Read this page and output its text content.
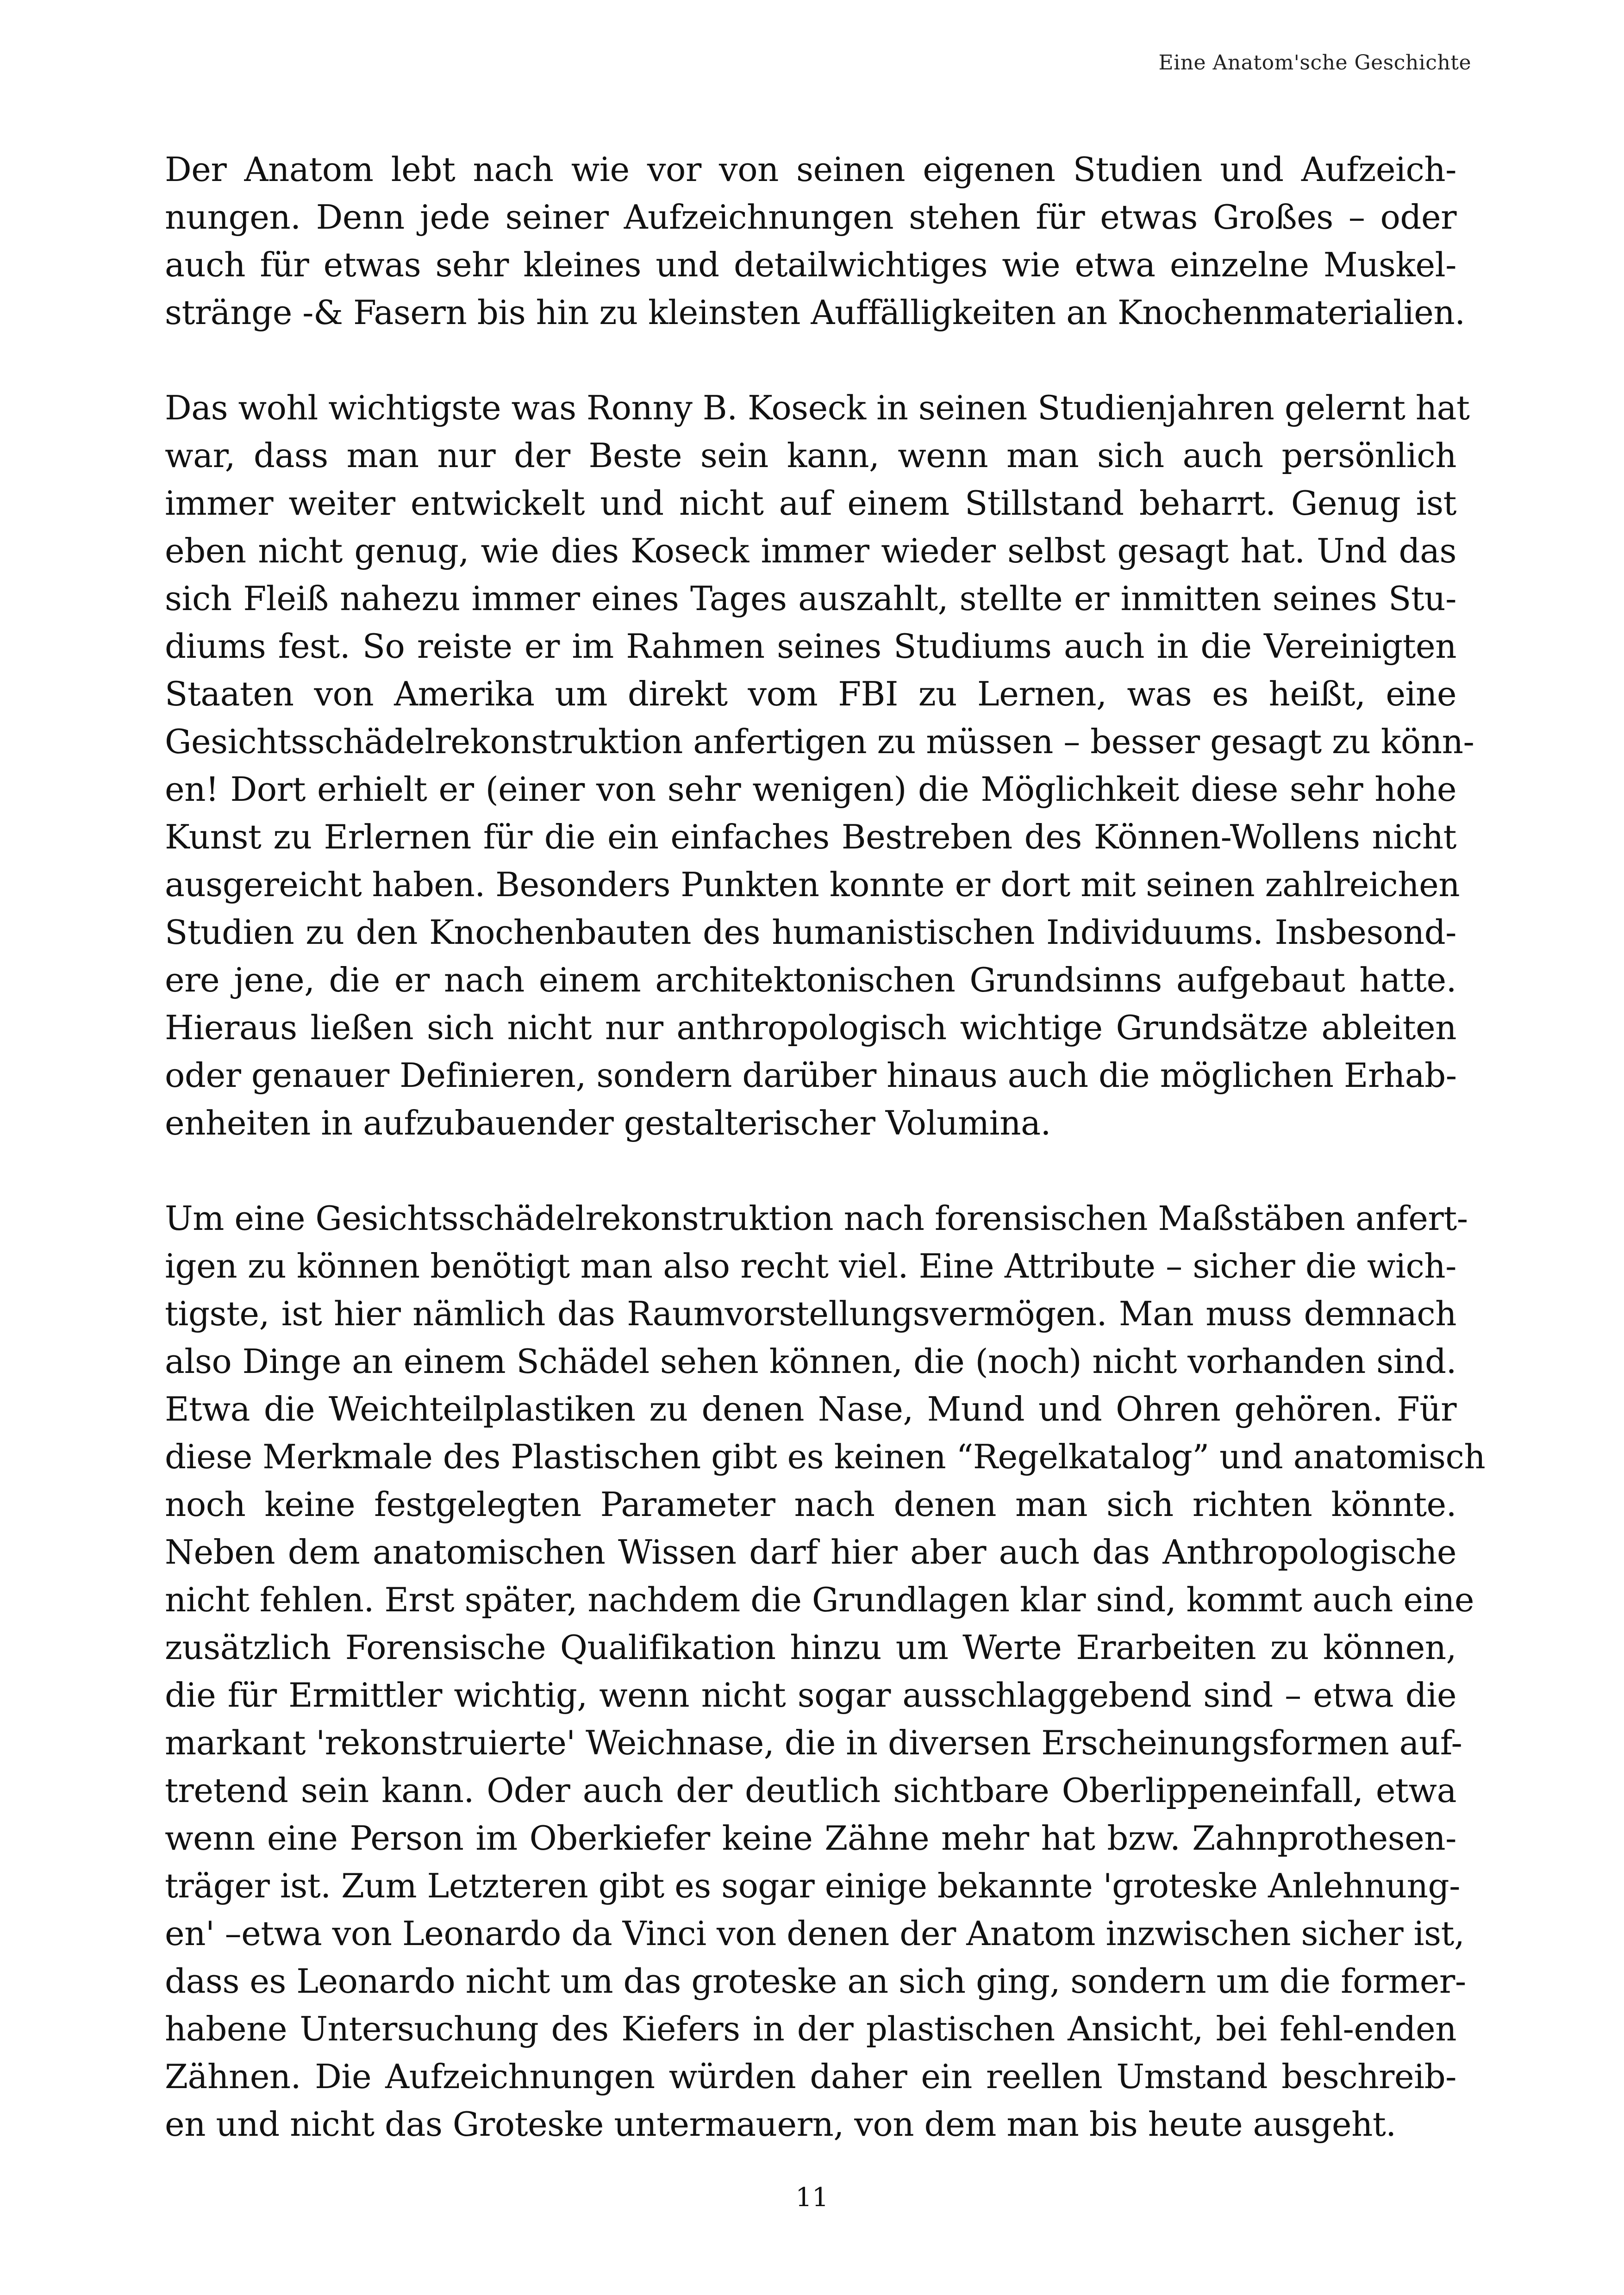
Eine Anatom'sche Geschichte
Der Anatom lebt nach wie vor von seinen eigenen Studien und Aufzeich-
nungen. Denn jede seiner Aufzeichnungen stehen für etwas Großes – oder
auch für etwas sehr kleines und detailwichtiges wie etwa einzelne Muskel-
stränge -& Fasern bis hin zu kleinsten Auffälligkeiten an Knochenmaterialien.
Das wohl wichtigste was Ronny B. Koseck in seinen Studienjahren gelernt hat
war, dass man nur der Beste sein kann, wenn man sich auch persönlich
immer weiter entwickelt und nicht auf einem Stillstand beharrt. Genug ist
eben nicht genug, wie dies Koseck immer wieder selbst gesagt hat. Und das
sich Fleiß nahezu immer eines Tages auszahlt, stellte er inmitten seines Stu-
diums fest. So reiste er im Rahmen seines Studiums auch in die Vereinigten
Staaten von Amerika um direkt vom FBI zu Lernen, was es heißt, eine
Gesichtsschädelrekonstruktion anfertigen zu müssen – besser gesagt zu könn-
en! Dort erhielt er (einer von sehr wenigen) die Möglichkeit diese sehr hohe
Kunst zu Erlernen für die ein einfaches Bestreben des Können-Wollens nicht
ausgereicht haben. Besonders Punkten konnte er dort mit seinen zahlreichen
Studien zu den Knochenbauten des humanistischen Individuums. Insbesond-
ere jene, die er nach einem architektonischen Grundsinns aufgebaut hatte.
Hieraus ließen sich nicht nur anthropologisch wichtige Grundsätze ableiten
oder genauer Definieren, sondern darüber hinaus auch die möglichen Erhab-
enheiten in aufzubauender gestalterischer Volumina.
Um eine Gesichtsschädelrekonstruktion nach forensischen Maßstäben anfert-
igen zu können benötigt man also recht viel. Eine Attribute – sicher die wich-
tigste, ist hier nämlich das Raumvorstellungsvermögen. Man muss demnach
also Dinge an einem Schädel sehen können, die (noch) nicht vorhanden sind.
Etwa die Weichteilplastiken zu denen Nase, Mund und Ohren gehören. Für
diese Merkmale des Plastischen gibt es keinen “Regelkatalog” und anatomisch
noch keine festgelegten Parameter nach denen man sich richten könnte.
Neben dem anatomischen Wissen darf hier aber auch das Anthropologische
nicht fehlen. Erst später, nachdem die Grundlagen klar sind, kommt auch eine
zusätzlich Forensische Qualifikation hinzu um Werte Erarbeiten zu können,
die für Ermittler wichtig, wenn nicht sogar ausschlaggebend sind – etwa die
markant 'rekonstruierte' Weichnase, die in diversen Erscheinungsformen auf-
tretend sein kann. Oder auch der deutlich sichtbare Oberlippeneinfall, etwa
wenn eine Person im Oberkiefer keine Zähne mehr hat bzw. Zahnprothesen-
träger ist. Zum Letzteren gibt es sogar einige bekannte 'groteske Anlehnung-
en' –etwa von Leonardo da Vinci von denen der Anatom inzwischen sicher ist,
dass es Leonardo nicht um das groteske an sich ging, sondern um die former-
habene Untersuchung des Kiefers in der plastischen Ansicht, bei fehl-enden
Zähnen. Die Aufzeichnungen würden daher ein reellen Umstand beschreib-
en und nicht das Groteske untermauern, von dem man bis heute ausgeht.
11
